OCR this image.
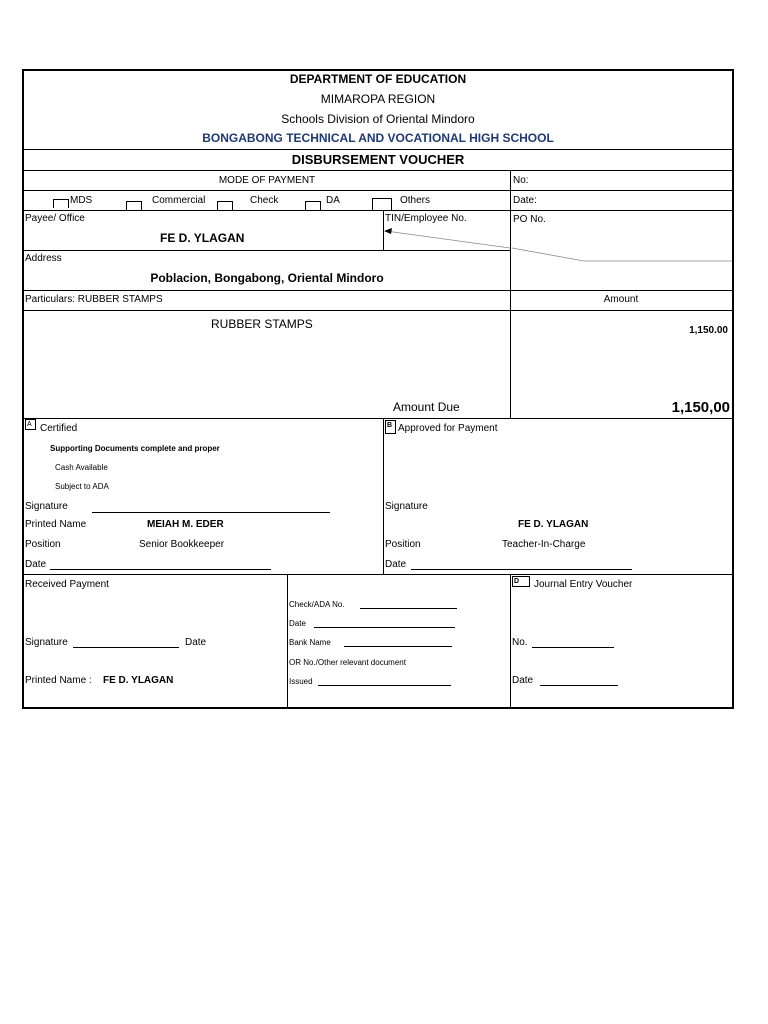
DEPARTMENT OF EDUCATION
MIMAROPA REGION
Schools Division of Oriental Mindoro
BONGABONG TECHNICAL AND VOCATIONAL HIGH SCHOOL
DISBURSEMENT VOUCHER
MODE OF PAYMENT	No:
MDS	Commercial	Check	DA	Others	Date:
Payee/ Office
FE D. YLAGAN
TIN/Employee No.	PO No.
Address
Poblacion, Bongabong, Oriental Mindoro
Particulars: RUBBER STAMPS	Amount
RUBBER STAMPS	1,150.00
Amount Due	1,150,00
A Certified
Supporting Documents complete and proper
Cash Available
Subject to ADA
Signature
Printed Name	MEIAH M. EDER
Position	Senior Bookkeeper
Date
B Approved for Payment
Signature
FE D. YLAGAN
Position	Teacher-In-Charge
Date
Received Payment
Signature	Date
Printed Name : FE D. YLAGAN
Check/ADA No.
Date
Bank Name
OR No./Other relevant document
Issued
D Journal Entry Voucher
No.
Date
